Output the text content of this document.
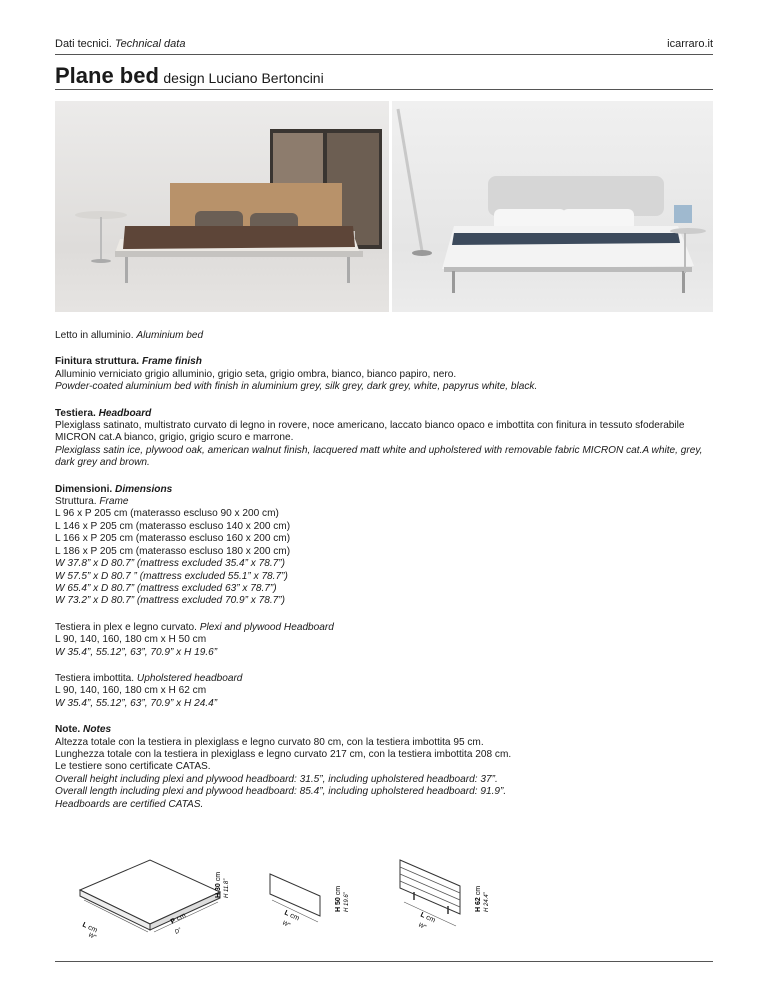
Dati tecnici. Technical data	icarraro.it
Plane bed design Luciano Bertoncini

Letto in alluminio. Aluminium bed

Finitura struttura. Frame finish
Alluminio verniciato grigio alluminio, grigio seta, grigio ombra, bianco, bianco papiro, nero.
Powder-coated aluminium bed with finish in aluminium grey, silk grey, dark grey, white, papyrus white, black.

Testiera. Headboard
Plexiglass satinato, multistrato curvato di legno in rovere, noce americano, laccato bianco opaco e imbottita con finitura in tessuto sfoderabile MICRON cat.A bianco, grigio, grigio scuro e marrone.
Plexiglass satin ice, plywood oak, american walnut finish, lacquered matt white and upholstered with removable fabric MICRON cat.A white, grey, dark grey and brown.

Dimensioni. Dimensions
Struttura. Frame
L 96 x P 205 cm (materasso escluso 90 x 200 cm)
L 146 x P 205 cm (materasso escluso 140 x 200 cm)
L 166 x P 205 cm (materasso escluso 160 x 200 cm)
L 186 x P 205 cm (materasso escluso 180 x 200 cm)
W 37.8” x D 80.7” (mattress excluded 35.4” x 78.7”)
W 57.5” x D 80.7 ” (mattress excluded 55.1” x 78.7”)
W 65.4” x D 80.7” (mattress excluded 63” x 78.7”)
W 73.2” x D 80.7” (mattress excluded 70.9” x 78.7”)

Testiera in plex e legno curvato. Plexi and plywood Headboard
L 90, 140, 160, 180 cm x H 50 cm
W 35.4”, 55.12”, 63”, 70.9” x H 19.6”

Testiera imbottita. Upholstered headboard
L 90, 140, 160, 180 cm x H 62 cm
W 35.4”, 55.12”, 63”, 70.9” x H 24.4”

Note. Notes
Altezza totale con la testiera in plexiglass e legno curvato 80 cm, con la testiera imbottita 95 cm.
Lunghezza totale con la testiera in plexiglass e legno curvato 217 cm, con la testiera imbottita 208 cm.
Le testiere sono certificate CATAS.
Overall height including plexi and plywood headboard: 31.5”, including upholstered headboard: 37”.
Overall length including plexi and plywood headboard: 85.4”, including upholstered headboard: 91.9”.
Headboards are certified CATAS.

L cm
W”
P cm
D”
H 30 cm
H 11.8”
L cm
W”
H 50 cm
H 19.6”
L cm
W”
H 62 cm
H 24.4”
